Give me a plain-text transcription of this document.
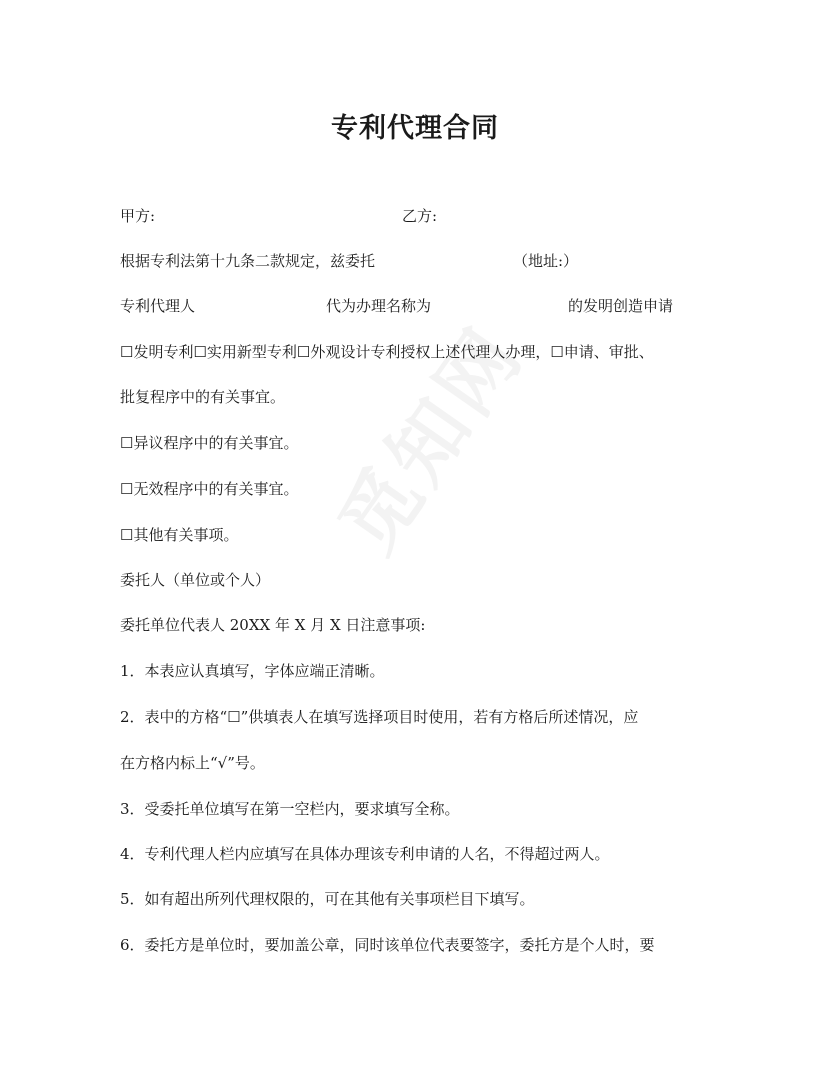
专利代理合同
甲方:	乙方:
根据专利法第十九条二款规定，兹委托	（地址:）
专利代理人	代为办理名称为	的发明创造申请
☐发明专利☐实用新型专利☐外观设计专利授权上述代理人办理，☐申请、审批、
批复程序中的有关事宜。
☐异议程序中的有关事宜。
☐无效程序中的有关事宜。
☐其他有关事项。
委托人（单位或个人）
委托单位代表人 20XX 年 X 月 X 日注意事项:
1．本表应认真填写，字体应端正清晰。
2．表中的方格“☐”供填表人在填写选择项目时使用，若有方格后所述情况，应
在方格内标上“√”号。
3．受委托单位填写在第一空栏内，要求填写全称。
4．专利代理人栏内应填写在具体办理该专利申请的人名，不得超过两人。
5．如有超出所列代理权限的，可在其他有关事项栏目下填写。
6．委托方是单位时，要加盖公章，同时该单位代表要签字，委托方是个人时，要
